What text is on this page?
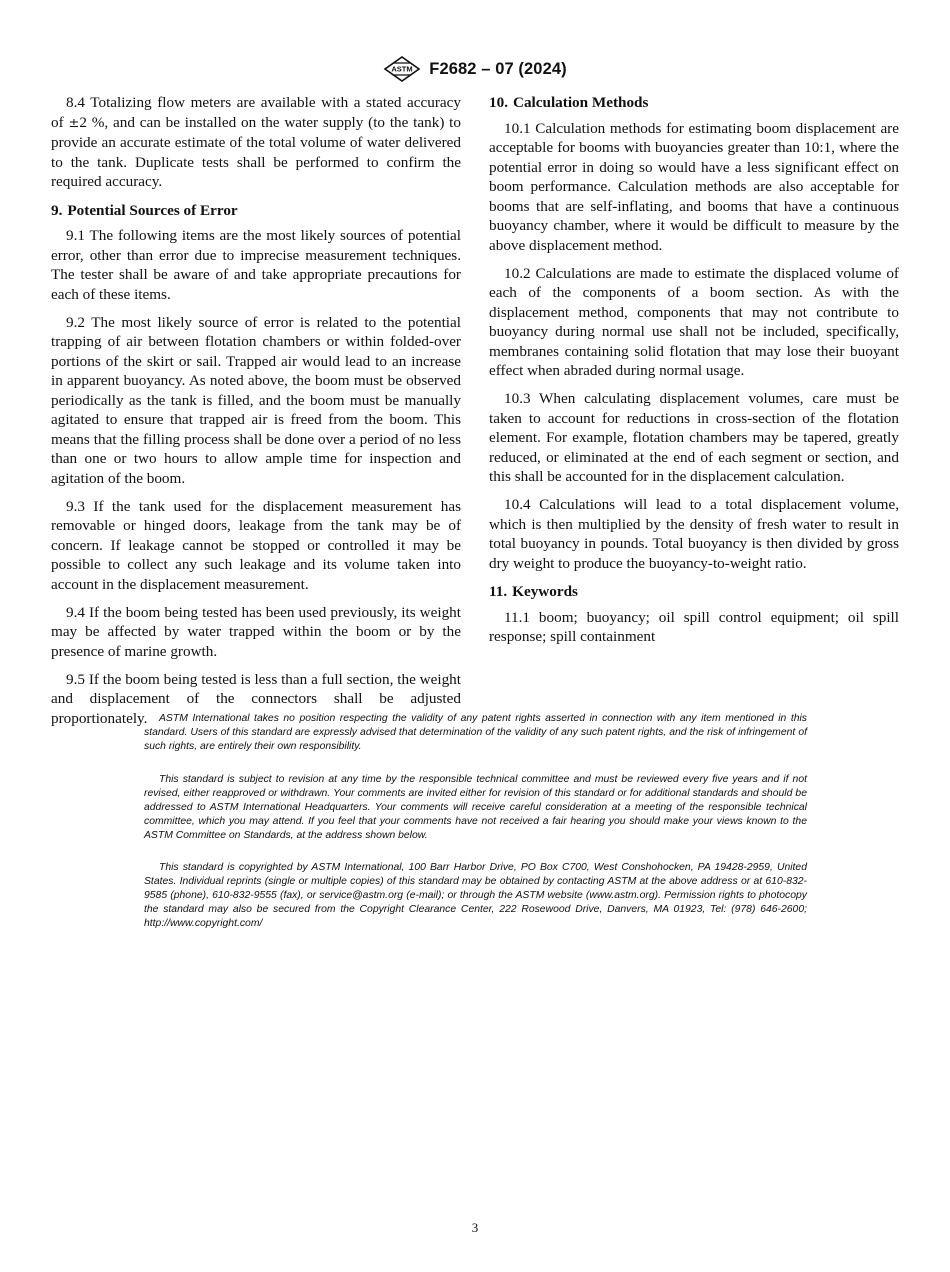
ASTM F2682 – 07 (2024)

8.4 Totalizing flow meters are available with a stated accuracy of ±2 %, and can be installed on the water supply (to the tank) to provide an accurate estimate of the total volume of water delivered to the tank. Duplicate tests shall be performed to confirm the required accuracy.

9. Potential Sources of Error

9.1 The following items are the most likely sources of potential error, other than error due to imprecise measurement techniques. The tester shall be aware of and take appropriate precautions for each of these items.

9.2 The most likely source of error is related to the potential trapping of air between flotation chambers or within folded-over portions of the skirt or sail. Trapped air would lead to an increase in apparent buoyancy. As noted above, the boom must be observed periodically as the tank is filled, and the boom must be manually agitated to ensure that trapped air is freed from the boom. This means that the filling process shall be done over a period of no less than one or two hours to allow ample time for inspection and agitation of the boom.

9.3 If the tank used for the displacement measurement has removable or hinged doors, leakage from the tank may be of concern. If leakage cannot be stopped or controlled it may be possible to collect any such leakage and its volume taken into account in the displacement measurement.

9.4 If the boom being tested has been used previously, its weight may be affected by water trapped within the boom or by the presence of marine growth.

9.5 If the boom being tested is less than a full section, the weight and displacement of the connectors shall be adjusted proportionately.

10. Calculation Methods

10.1 Calculation methods for estimating boom displacement are acceptable for booms with buoyancies greater than 10:1, where the potential error in doing so would have a less significant effect on boom performance. Calculation methods are also acceptable for booms that are self-inflating, and booms that have a continuous buoyancy chamber, where it would be difficult to measure by the above displacement method.

10.2 Calculations are made to estimate the displaced volume of each of the components of a boom section. As with the displacement method, components that may not contribute to buoyancy during normal use shall not be included, specifically, membranes containing solid flotation that may lose their buoyant effect when abraded during normal usage.

10.3 When calculating displacement volumes, care must be taken to account for reductions in cross-section of the flotation element. For example, flotation chambers may be tapered, greatly reduced, or eliminated at the end of each segment or section, and this shall be accounted for in the displacement calculation.

10.4 Calculations will lead to a total displacement volume, which is then multiplied by the density of fresh water to result in total buoyancy in pounds. Total buoyancy is then divided by gross dry weight to produce the buoyancy-to-weight ratio.

11. Keywords

11.1 boom; buoyancy; oil spill control equipment; oil spill response; spill containment

ASTM International takes no position respecting the validity of any patent rights asserted in connection with any item mentioned in this standard. Users of this standard are expressly advised that determination of the validity of any such patent rights, and the risk of infringement of such rights, are entirely their own responsibility.

This standard is subject to revision at any time by the responsible technical committee and must be reviewed every five years and if not revised, either reapproved or withdrawn. Your comments are invited either for revision of this standard or for additional standards and should be addressed to ASTM International Headquarters. Your comments will receive careful consideration at a meeting of the responsible technical committee, which you may attend. If you feel that your comments have not received a fair hearing you should make your views known to the ASTM Committee on Standards, at the address shown below.

This standard is copyrighted by ASTM International, 100 Barr Harbor Drive, PO Box C700, West Conshohocken, PA 19428-2959, United States. Individual reprints (single or multiple copies) of this standard may be obtained by contacting ASTM at the above address or at 610-832-9585 (phone), 610-832-9555 (fax), or service@astm.org (e-mail); or through the ASTM website (www.astm.org). Permission rights to photocopy the standard may also be secured from the Copyright Clearance Center, 222 Rosewood Drive, Danvers, MA 01923, Tel: (978) 646-2600; http://www.copyright.com/

3
